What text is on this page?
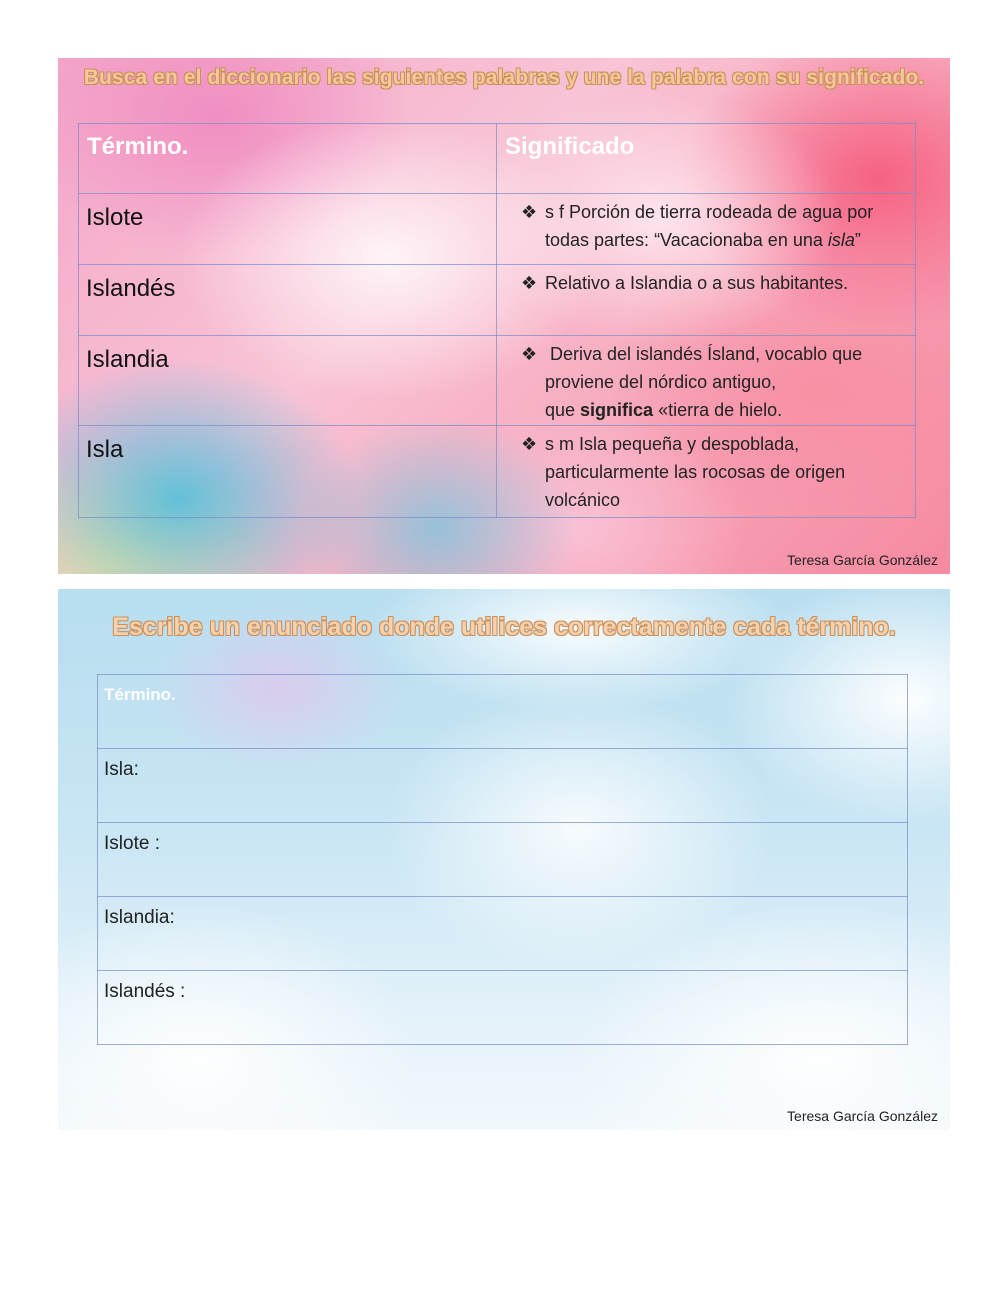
Busca en el diccionario las siguientes palabras y une la palabra con su significado.
Término.	Significado
Islote	❖ s f Porción de tierra rodeada de agua por
todas partes: “Vacacionaba en una isla”

Islandés	❖ Relativo a Islandia o a sus habitantes.

Islandia	❖ Deriva del islandés Ísland, vocablo que
proviene del nórdico antiguo,
que significa «tierra de hielo.

Isla	❖ s m Isla pequeña y despoblada,
particularmente las rocosas de origen
volcánico
Teresa García González
Escribe un enunciado donde utilices correctamente cada término.
Término.
Isla:
Islote :
Islandia:
Islandés :
Teresa García González
